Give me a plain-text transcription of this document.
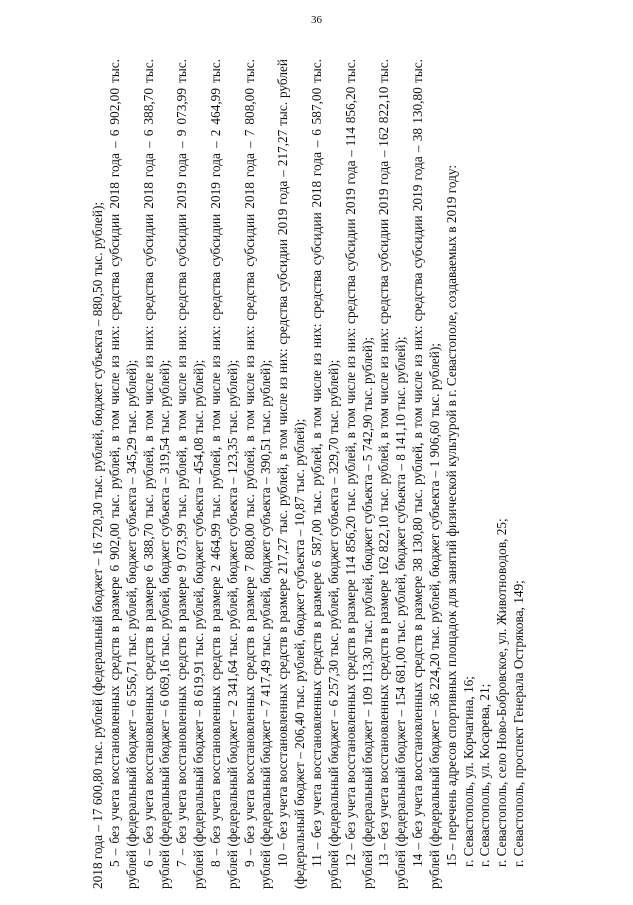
36

2018 года – 17 600,80 тыс. рублей (федеральный бюджет – 16 720,30 тыс. рублей, бюджет субъекта – 880,50 тыс. рублей); 5 – без учета восстановленных средств в размере 6 902,00 тыс. рублей, в том числе из них: средства субсидии 2018 года – 6 902,00 тыс. рублей (федеральный бюджет – 6 556,71 тыс. рублей, бюджет субъекта – 345,29 тыс. рублей); 6 – без учета восстановленных средств в размере 6 388,70 тыс. рублей, в том числе из них: средства субсидии 2018 года – 6 388,70 тыс. рублей (федеральный бюджет – 6 069,16 тыс. рублей, бюджет субъекта – 319,54 тыс. рублей); 7 – без учета восстановленных средств в размере 9 073,99 тыс. рублей, в том числе из них: средства субсидии 2019 года – 9 073,99 тыс. рублей (федеральный бюджет – 8 619,91 тыс. рублей, бюджет субъекта – 454,08 тыс. рублей); 8 – без учета восстановленных средств в размере 2 464,99 тыс. рублей, в том числе из них: средства субсидии 2019 года – 2 464,99 тыс. рублей (федеральный бюджет – 2 341,64 тыс. рублей, бюджет субъекта – 123,35 тыс. рублей); 9 – без учета восстановленных средств в размере 7 808,00 тыс. рублей, в том числе из них: средства субсидии 2018 года – 7 808,00 тыс. рублей (федеральный бюджет – 7 417,49 тыс. рублей, бюджет субъекта – 390,51 тыс. рублей); 10 – без учета восстановленных средств в размере 217,27 тыс. рублей, в том числе из них: средства субсидии 2019 года – 217,27 тыс. рублей (федеральный бюджет – 206,40 тыс. рублей, бюджет субъекта – 10,87 тыс. рублей); 11 – без учета восстановленных средств в размере 6 587,00 тыс. рублей, в том числе из них: средства субсидии 2018 года – 6 587,00 тыс. рублей (федеральный бюджет – 6 257,30 тыс. рублей, бюджет субъекта – 329,70 тыс. рублей); 12 – без учета восстановленных средств в размере 114 856,20 тыс. рублей, в том числе из них: средства субсидии 2019 года – 114 856,20 тыс. рублей (федеральный бюджет – 109 113,30 тыс. рублей, бюджет субъекта – 5 742,90 тыс. рублей); 13 – без учета восстановленных средств в размере 162 822,10 тыс. рублей, в том числе из них: средства субсидии 2019 года – 162 822,10 тыс. рублей (федеральный бюджет – 154 681,00 тыс. рублей, бюджет субъекта – 8 141,10 тыс. рублей); 14 – без учета восстановленных средств в размере 38 130,80 тыс. рублей, в том числе из них: средства субсидии 2019 года – 38 130,80 тыс. рублей (федеральный бюджет – 36 224,20 тыс. рублей, бюджет субъекта – 1 906,60 тыс. рублей); 15 – перечень адресов спортивных площадок для занятий физической культурой в г. Севастополе, создаваемых в 2019 году: г. Севастополь, ул. Корчагина, 16; г. Севастополь, ул. Косарева, 21; г. Севастополь, село Ново-Бобровское, ул. Животноводов, 25; г. Севастополь, проспект Генерала Острякова, 149;
